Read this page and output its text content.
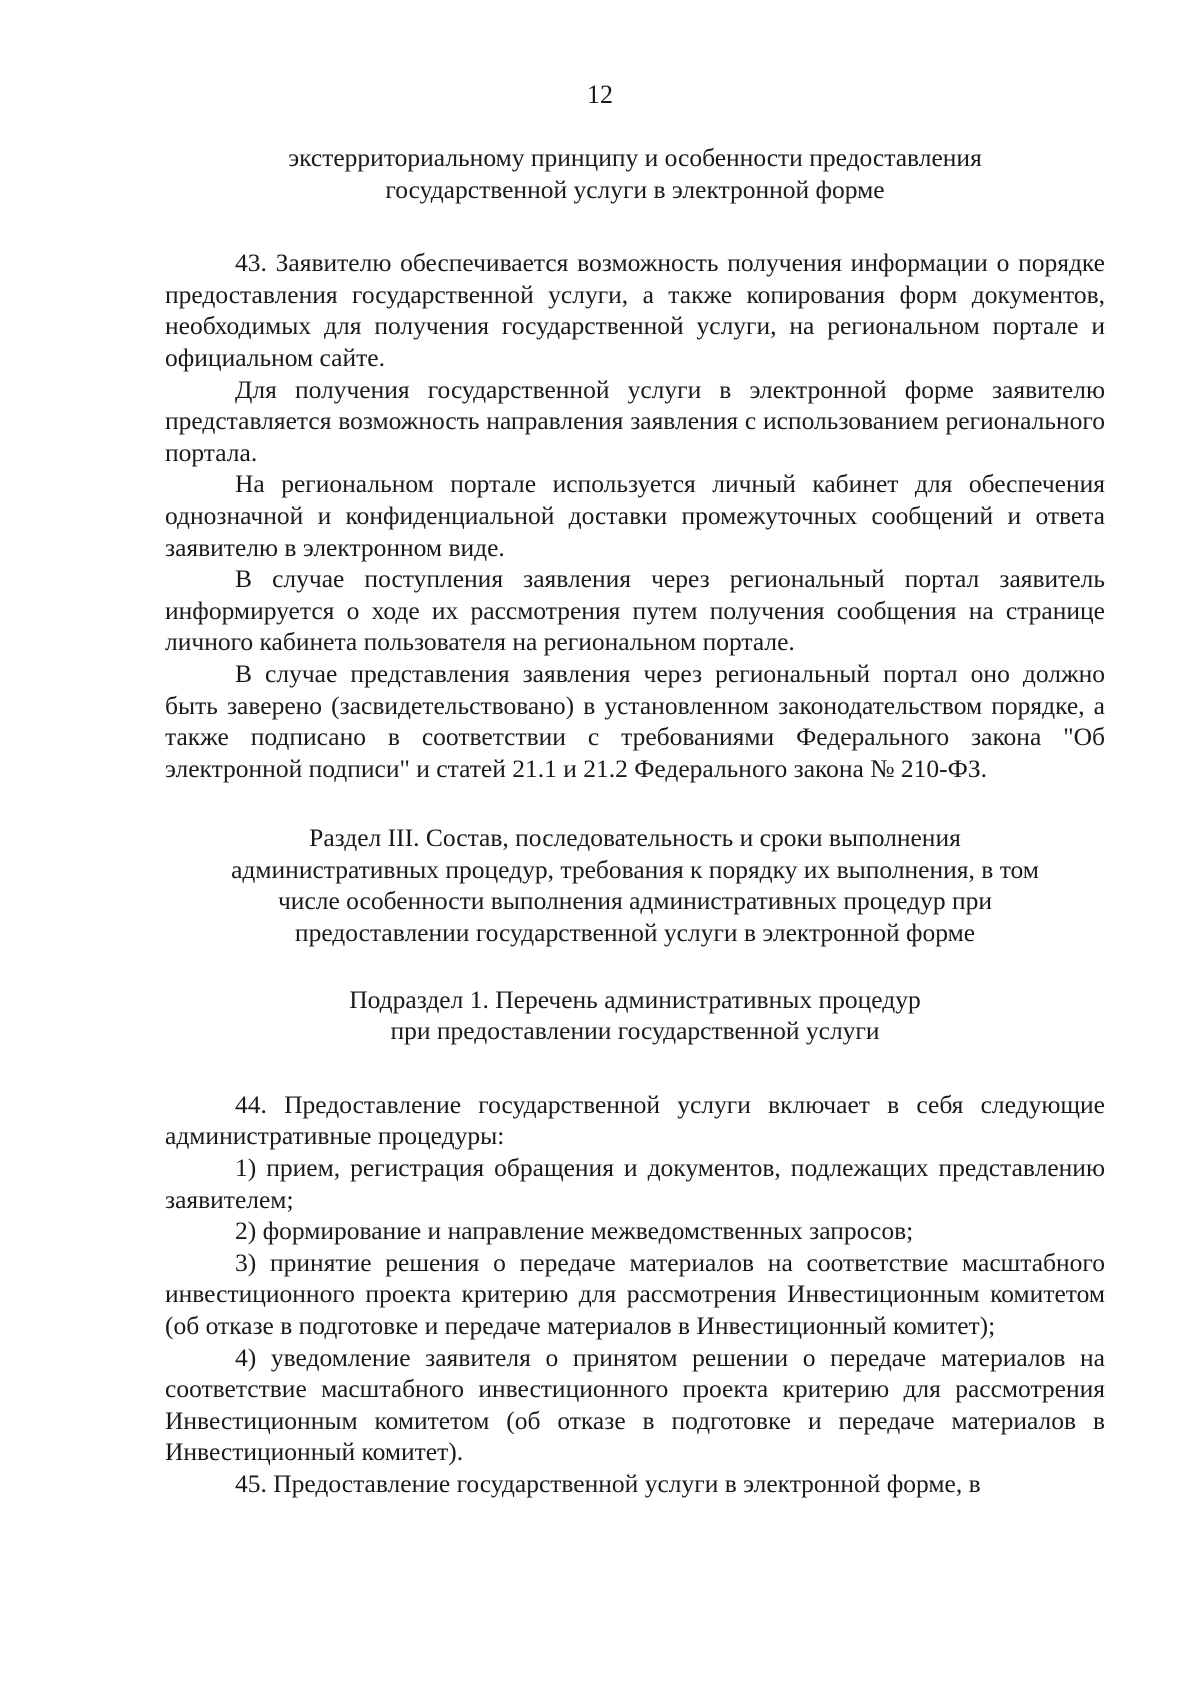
12
экстерриториальному принципу и особенности предоставления
государственной услуги в электронной форме

43. Заявителю обеспечивается возможность получения информации о порядке предоставления государственной услуги, а также копирования форм документов, необходимых для получения государственной услуги, на региональном портале и официальном сайте.

Для получения государственной услуги в электронной форме заявителю представляется возможность направления заявления с использованием регионального портала.

На региональном портале используется личный кабинет для обеспечения однозначной и конфиденциальной доставки промежуточных сообщений и ответа заявителю в электронном виде.

В случае поступления заявления через региональный портал заявитель информируется о ходе их рассмотрения путем получения сообщения на странице личного кабинета пользователя на региональном портале.

В случае представления заявления через региональный портал оно должно быть заверено (засвидетельствовано) в установленном законодательством порядке, а также подписано в соответствии с требованиями Федерального закона "Об электронной подписи" и статей 21.1 и 21.2 Федерального закона № 210-ФЗ.

Раздел III. Состав, последовательность и сроки выполнения
административных процедур, требования к порядку их выполнения, в том
числе особенности выполнения административных процедур при
предоставлении государственной услуги в электронной форме
Подраздел 1. Перечень административных процедур
при предоставлении государственной услуги

44. Предоставление государственной услуги включает в себя следующие административные процедуры:

1) прием, регистрация обращения и документов, подлежащих представлению заявителем;

2) формирование и направление межведомственных запросов;

3) принятие решения о передаче материалов на соответствие масштабного инвестиционного проекта критерию для рассмотрения Инвестиционным комитетом (об отказе в подготовке и передаче материалов в Инвестиционный комитет);

4) уведомление заявителя о принятом решении о передаче материалов на соответствие масштабного инвестиционного проекта критерию для рассмотрения Инвестиционным комитетом (об отказе в подготовке и передаче материалов в Инвестиционный комитет).

45. Предоставление государственной услуги в электронной форме, в
